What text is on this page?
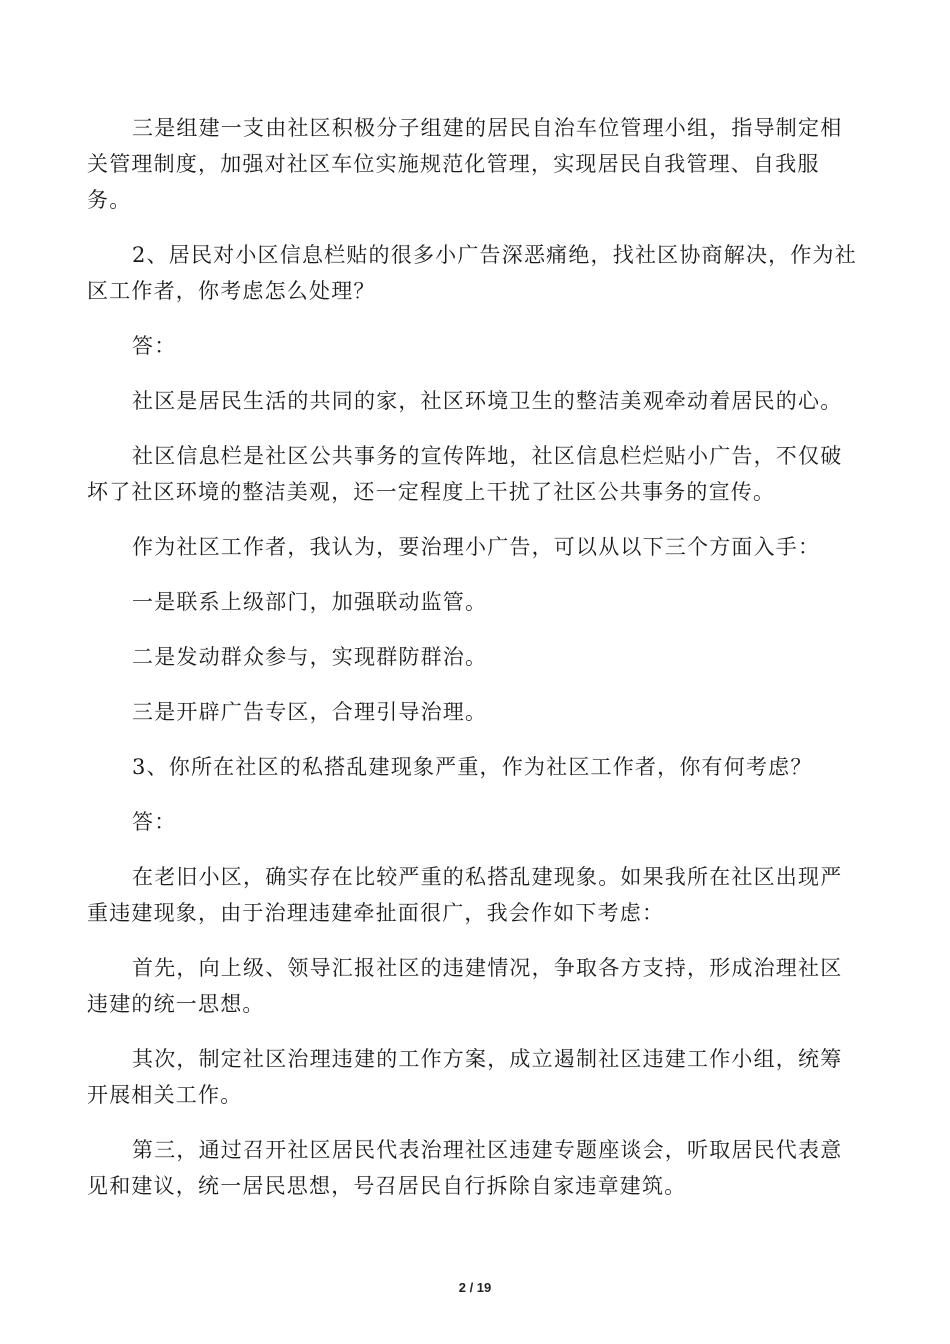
三是组建一支由社区积极分子组建的居民自治车位管理小组，指导制定相关管理制度，加强对社区车位实施规范化管理，实现居民自我管理、自我服务。

2、居民对小区信息栏贴的很多小广告深恶痛绝，找社区协商解决，作为社区工作者，你考虑怎么处理？

答：

社区是居民生活的共同的家，社区环境卫生的整洁美观牵动着居民的心。

社区信息栏是社区公共事务的宣传阵地，社区信息栏烂贴小广告，不仅破坏了社区环境的整洁美观，还一定程度上干扰了社区公共事务的宣传。

作为社区工作者，我认为，要治理小广告，可以从以下三个方面入手：

一是联系上级部门，加强联动监管。

二是发动群众参与，实现群防群治。

三是开辟广告专区，合理引导治理。

3、你所在社区的私搭乱建现象严重，作为社区工作者，你有何考虑？

答：

在老旧小区，确实存在比较严重的私搭乱建现象。如果我所在社区出现严重违建现象，由于治理违建牵扯面很广，我会作如下考虑：

首先，向上级、领导汇报社区的违建情况，争取各方支持，形成治理社区违建的统一思想。

其次，制定社区治理违建的工作方案，成立遏制社区违建工作小组，统筹开展相关工作。

第三，通过召开社区居民代表治理社区违建专题座谈会，听取居民代表意见和建议，统一居民思想，号召居民自行拆除自家违章建筑。

2 / 19
